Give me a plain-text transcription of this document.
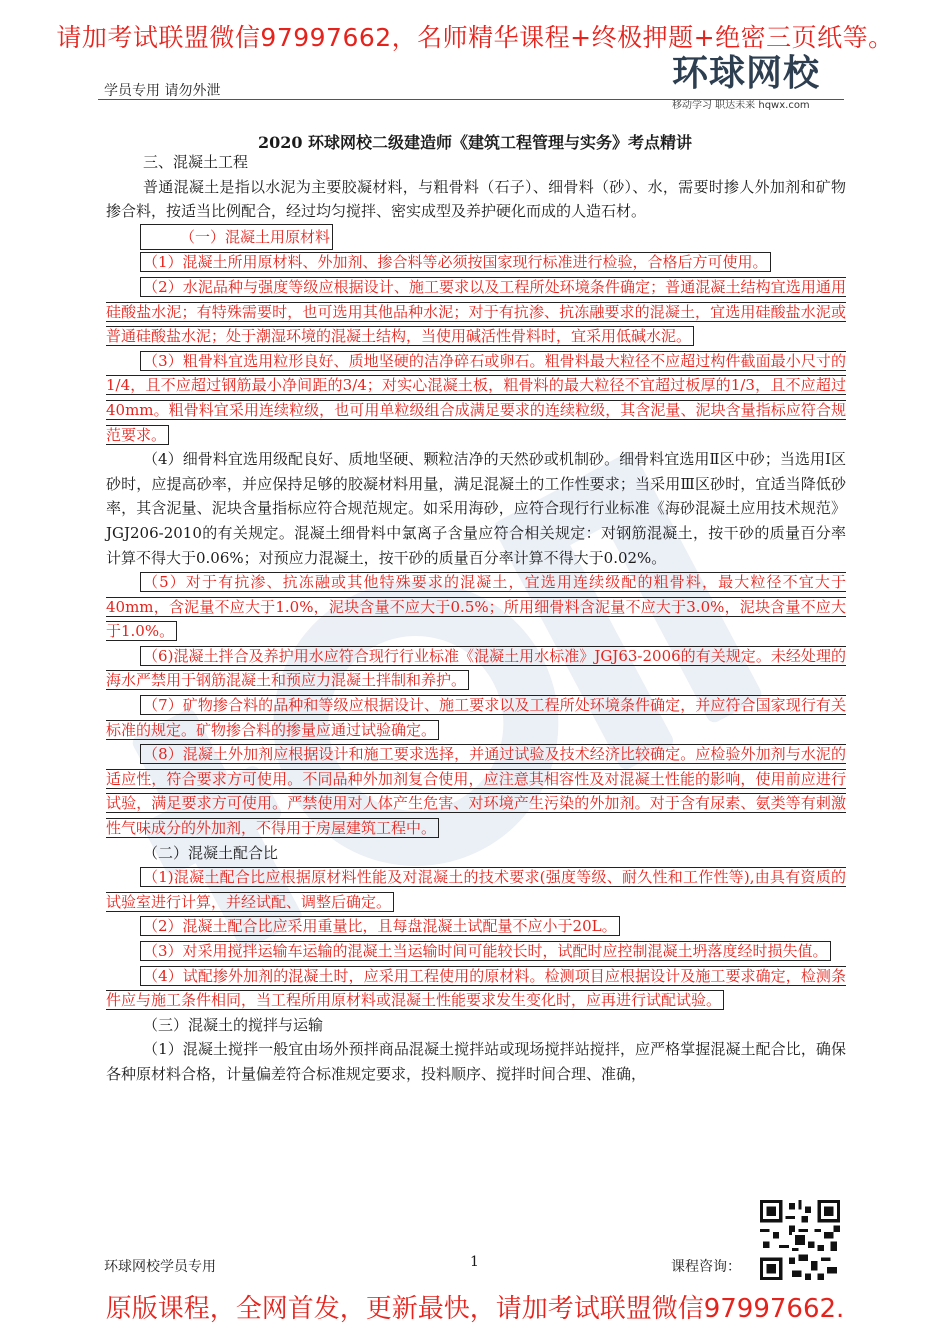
请加考试联盟微信97997662，名师精华课程+终极押题+绝密三页纸等。
学员专用 请勿外泄	环球网校
移动学习 职达未来 hqwx.com
2020 环球网校二级建造师《建筑工程管理与实务》考点精讲

三、混凝土工程

普通混凝土是指以水泥为主要胶凝材料，与粗骨料（石子）、细骨料（砂）、水，需要时掺人外加剂和矿物掺合料，按适当比例配合，经过均匀搅拌、密实成型及养护硬化而成的人造石材。

（一）混凝土用原材料

（1）混凝土所用原材料、外加剂、掺合料等必须按国家现行标准进行检验，合格后方可使用。

（2）水泥品种与强度等级应根据设计、施工要求以及工程所处环境条件确定；普通混凝土结构宜选用通用硅酸盐水泥；有特殊需要时，也可选用其他品种水泥；对于有抗渗、抗冻融要求的混凝土，宜选用硅酸盐水泥或普通硅酸盐水泥；处于潮湿环境的混凝土结构，当使用碱活性骨料时，宜采用低碱水泥。

（3）粗骨料宜选用粒形良好、质地坚硬的洁净碎石或卵石。粗骨料最大粒径不应超过构件截面最小尺寸的1/4，且不应超过钢筋最小净间距的3/4；对实心混凝土板，粗骨料的最大粒径不宜超过板厚的1/3，且不应超过40mm。粗骨料宜采用连续粒级，也可用单粒级组合成满足要求的连续粒级，其含泥量、泥块含量指标应符合规范要求。

（4）细骨料宜选用级配良好、质地坚硬、颗粒洁净的天然砂或机制砂。细骨料宜选用Ⅱ区中砂；当选用Ⅰ区砂时，应提高砂率，并应保持足够的胶凝材料用量，满足混凝土的工作性要求；当采用Ⅲ区砂时，宜适当降低砂率，其含泥量、泥块含量指标应符合规范规定。如采用海砂，应符合现行行业标准《海砂混凝土应用技术规范》JGJ206-2010的有关规定。混凝土细骨料中氯离子含量应符合相关规定：对钢筋混凝土，按干砂的质量百分率计算不得大于0.06%；对预应力混凝土，按干砂的质量百分率计算不得大于0.02%。

（5）对于有抗渗、抗冻融或其他特殊要求的混凝土，宜选用连续级配的粗骨料，最大粒径不宜大于40mm，含泥量不应大于1.0%，泥块含量不应大于0.5%；所用细骨料含泥量不应大于3.0%，泥块含量不应大于1.0%。

（6)混凝土拌合及养护用水应符合现行行业标准《混凝土用水标准》JGJ63-2006的有关规定。未经处理的海水严禁用于钢筋混凝土和预应力混凝土拌制和养护。

（7）矿物掺合料的品种和等级应根据设计、施工要求以及工程所处环境条件确定，并应符合国家现行有关标准的规定。矿物掺合料的掺量应通过试验确定。

（8）混凝土外加剂应根据设计和施工要求选择，并通过试验及技术经济比较确定。应检验外加剂与水泥的适应性，符合要求方可使用。不同品种外加剂复合使用，应注意其相容性及对混凝土性能的影响，使用前应进行试验，满足要求方可使用。严禁使用对人体产生危害、对环境产生污染的外加剂。对于含有尿素、氨类等有刺激性气味成分的外加剂，不得用于房屋建筑工程中。

（二）混凝土配合比

（1)混凝土配合比应根据原材料性能及对混凝土的技术要求(强度等级、耐久性和工作性等),由具有资质的试验室进行计算，并经试配、调整后确定。

（2）混凝土配合比应采用重量比，且每盘混凝土试配量不应小于20L。

（3）对采用搅拌运输车运输的混凝土当运输时间可能较长时，试配时应控制混凝土坍落度经时损失值。

（4）试配掺外加剂的混凝土时，应采用工程使用的原材料。检测项目应根据设计及施工要求确定，检测条件应与施工条件相同，当工程所用原材料或混凝土性能要求发生变化时，应再进行试配试验。

（三）混凝土的搅拌与运输

（1）混凝土搅拌一般宜由场外预拌商品混凝土搅拌站或现场搅拌站搅拌，应严格掌握混凝土配合比，确保各种原材料合格，计量偏差符合标准规定要求，投料顺序、搅拌时间合理、准确，

环球网校学员专用	1	课程咨询：
原版课程，全网首发，更新最快，请加考试联盟微信97997662.
